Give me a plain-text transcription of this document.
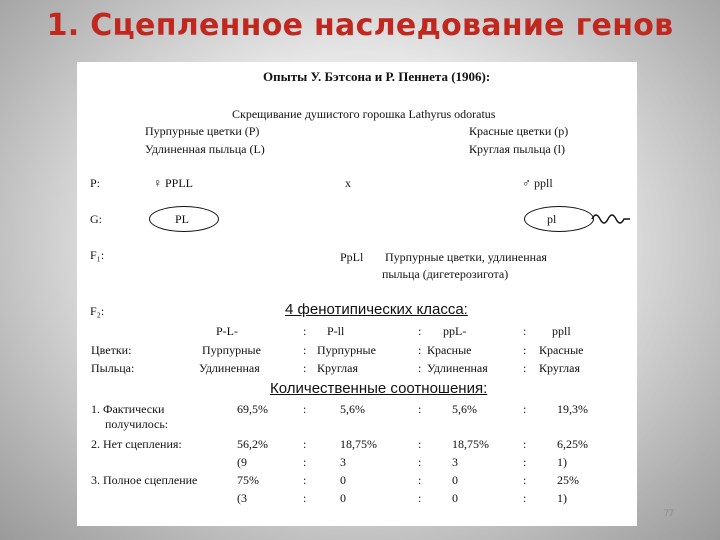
1. Сцепленное наследование генов
Опыты У. Бэтсона и Р. Пеннета (1906):
Скрещивание душистого горошка Lathyrus odoratus
Пурпурные цветки (P)
Удлиненная пыльца (L)
Красные цветки (p)
Круглая пыльца (l)
P:	♀ PPLL	x	♂ ppll
G:	PL	pl
F₁:	PpLl Пурпурные цветки, удлиненная
пыльца (дигетерозигота)
F₂:	4 фенотипических класса:
P-L-	: P-ll	: ppL-	: ppll
Цветки:	Пурпурные	: Пурпурные	: Красные	: Красные
Пыльца:	Удлиненная	: Круглая	: Удлиненная	: Круглая
Количественные соотношения:
1. Фактически
получилось:
69,5%	:	5,6%	:	5,6%	:	19,3%
2. Нет сцепления:	56,2%	:	18,75%	:	18,75%	:	6,25%
(9	:	3	:	3	:	1)
3. Полное сцепление	75%	:	0	:	0	:	25%
(3	:	0	:	0	:	1)
77
